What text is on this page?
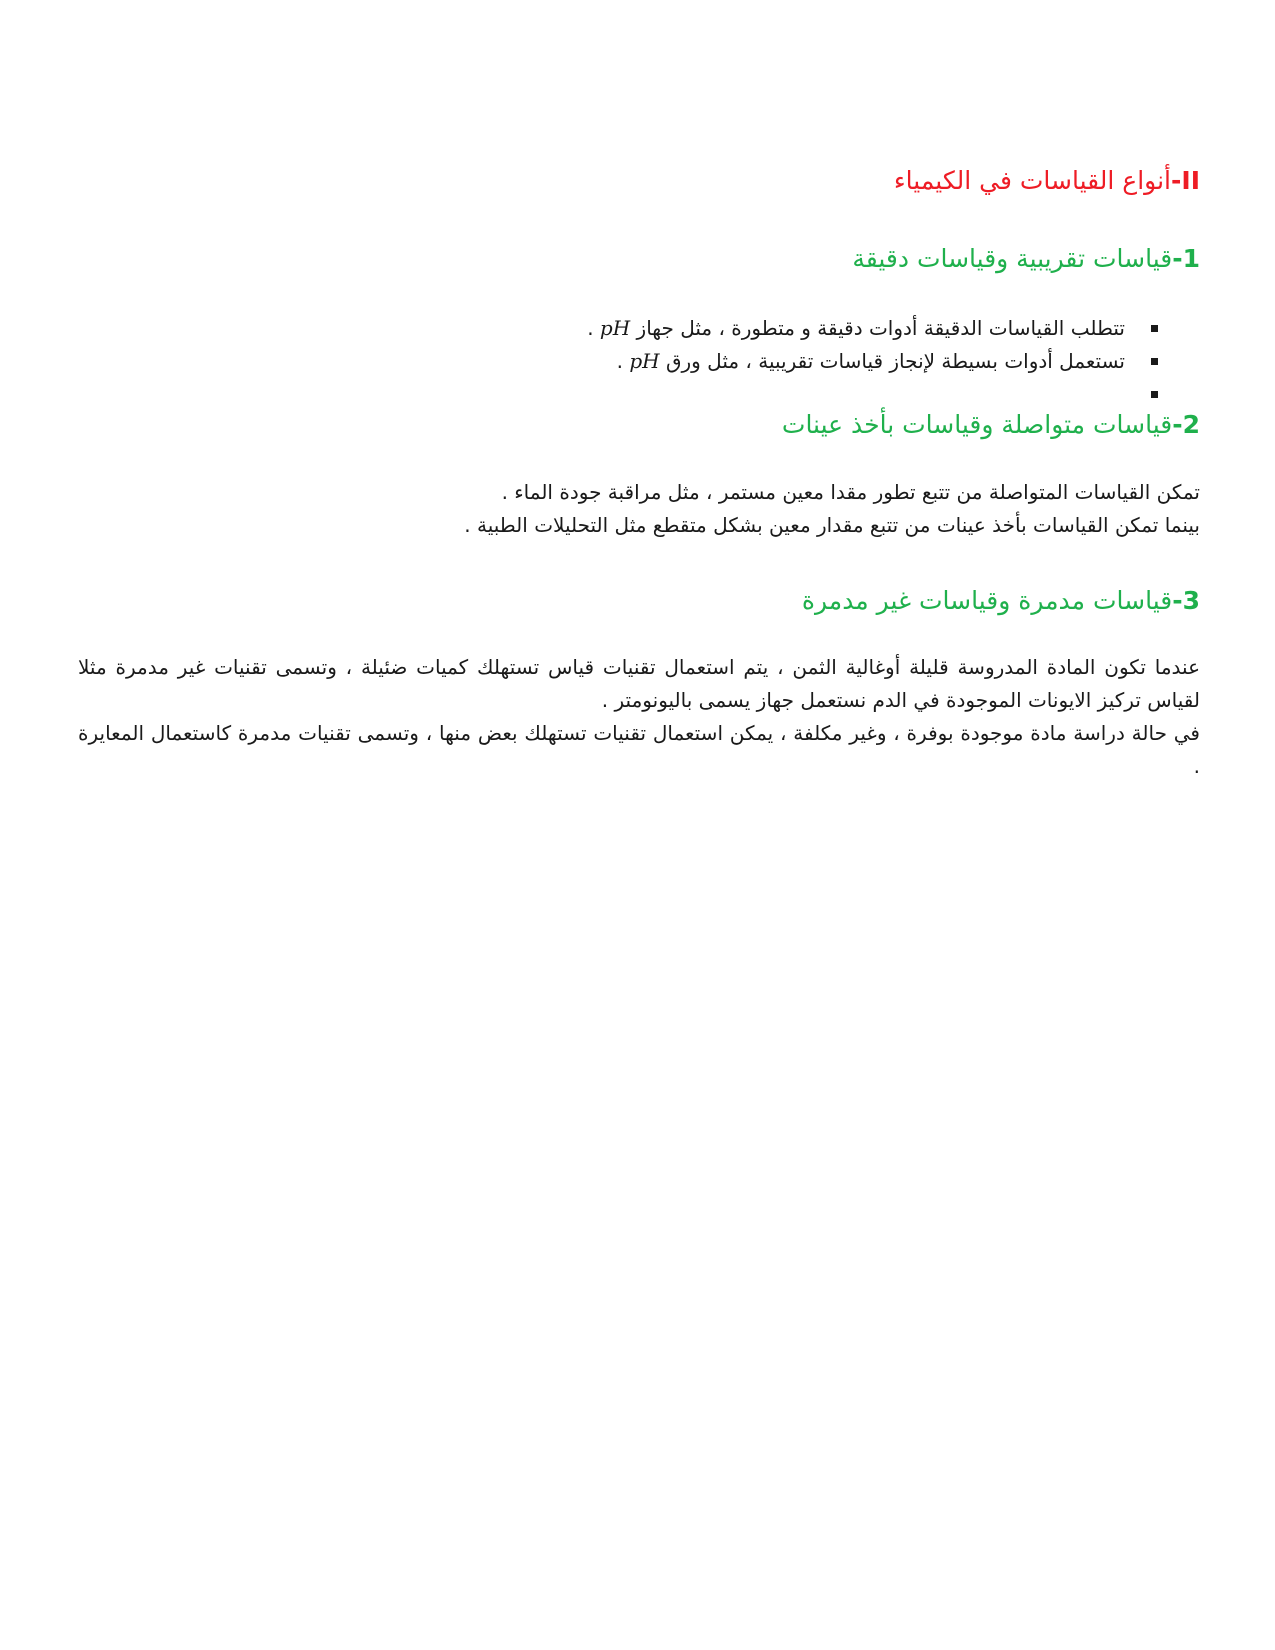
II-أنواع القياسات في الكيمياء
1-قياسات تقريبية وقياسات دقيقة
تتطلب القياسات الدقيقة أدوات دقيقة و متطورة ، مثل جهاز pH .
تستعمل أدوات بسيطة لإنجاز قياسات تقريبية ، مثل ورق pH .
2-قياسات متواصلة وقياسات بأخذ عينات

تمكن القياسات المتواصلة من تتبع تطور مقدا معين مستمر ، مثل مراقبة جودة الماء .
بينما تمكن القياسات بأخذ عينات من تتبع مقدار معين بشكل متقطع مثل التحليلات الطبية .

3-قياسات مدمرة وقياسات غير مدمرة

عندما تكون المادة المدروسة قليلة أوغالية الثمن ، يتم استعمال تقنيات قياس تستهلك كميات ضئيلة ، وتسمى تقنيات غير مدمرة مثلا لقياس تركيز الايونات الموجودة في الدم نستعمل جهاز يسمى باليونومتر .
في حالة دراسة مادة موجودة بوفرة ، وغير مكلفة ، يمكن استعمال تقنيات تستهلك بعض منها ، وتسمى تقنيات مدمرة كاستعمال المعايرة .
